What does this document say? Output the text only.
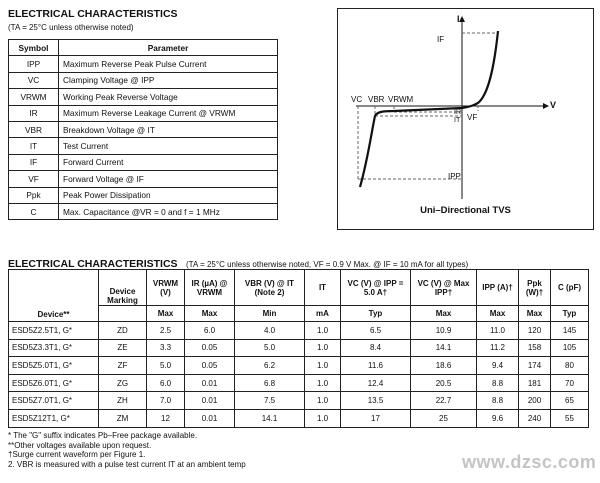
ELECTRICAL CHARACTERISTICS
(TA = 25°C unless otherwise noted)
Symbol	Parameter
IPP	Maximum Reverse Peak Pulse Current
VC	Clamping Voltage @ IPP
VRWM	Working Peak Reverse Voltage
IR	Maximum Reverse Leakage Current @ VRWM
VBR	Breakdown Voltage @ IT
IT	Test Current
IF	Forward Current
VF	Forward Voltage @ IF
Ppk	Peak Power Dissipation
C	Max. Capacitance @VR = 0 and f = 1 MHz
I
V
IF
VC VBR VRWM
IR
IT VF
IPP
Uni–Directional TVS
ELECTRICAL CHARACTERISTICS (TA = 25°C unless otherwise noted, VF = 0.9 V Max. @ IF = 10 mA for all types)
Device**	Device Marking	VRWM (V)	IR (µA) @ VRWM	VBR (V) @ IT (Note 2)	IT	VC (V) @ IPP = 5.0 A†	VC (V) @ Max IPP†	IPP (A)†	Ppk (W)†	C (pF)
		Max	Max	Min	mA	Typ	Max	Max	Max	Typ
ESD5Z2.5T1, G*	ZD	2.5	6.0	4.0	1.0	6.5	10.9	11.0	120	145
ESD5Z3.3T1, G*	ZE	3.3	0.05	5.0	1.0	8.4	14.1	11.2	158	105
ESD5Z5.0T1, G*	ZF	5.0	0.05	6.2	1.0	11.6	18.6	9.4	174	80
ESD5Z6.0T1, G*	ZG	6.0	0.01	6.8	1.0	12.4	20.5	8.8	181	70
ESD5Z7.0T1, G*	ZH	7.0	0.01	7.5	1.0	13.5	22.7	8.8	200	65
ESD5Z12T1, G*	ZM	12	0.01	14.1	1.0	17	25	9.6	240	55
* The "G" suffix indicates Pb–Free package available.
**Other voltages available upon request.
†Surge current waveform per Figure 1.
2. VBR is measured with a pulse test current IT at an ambient temp	www.dzsc.com
